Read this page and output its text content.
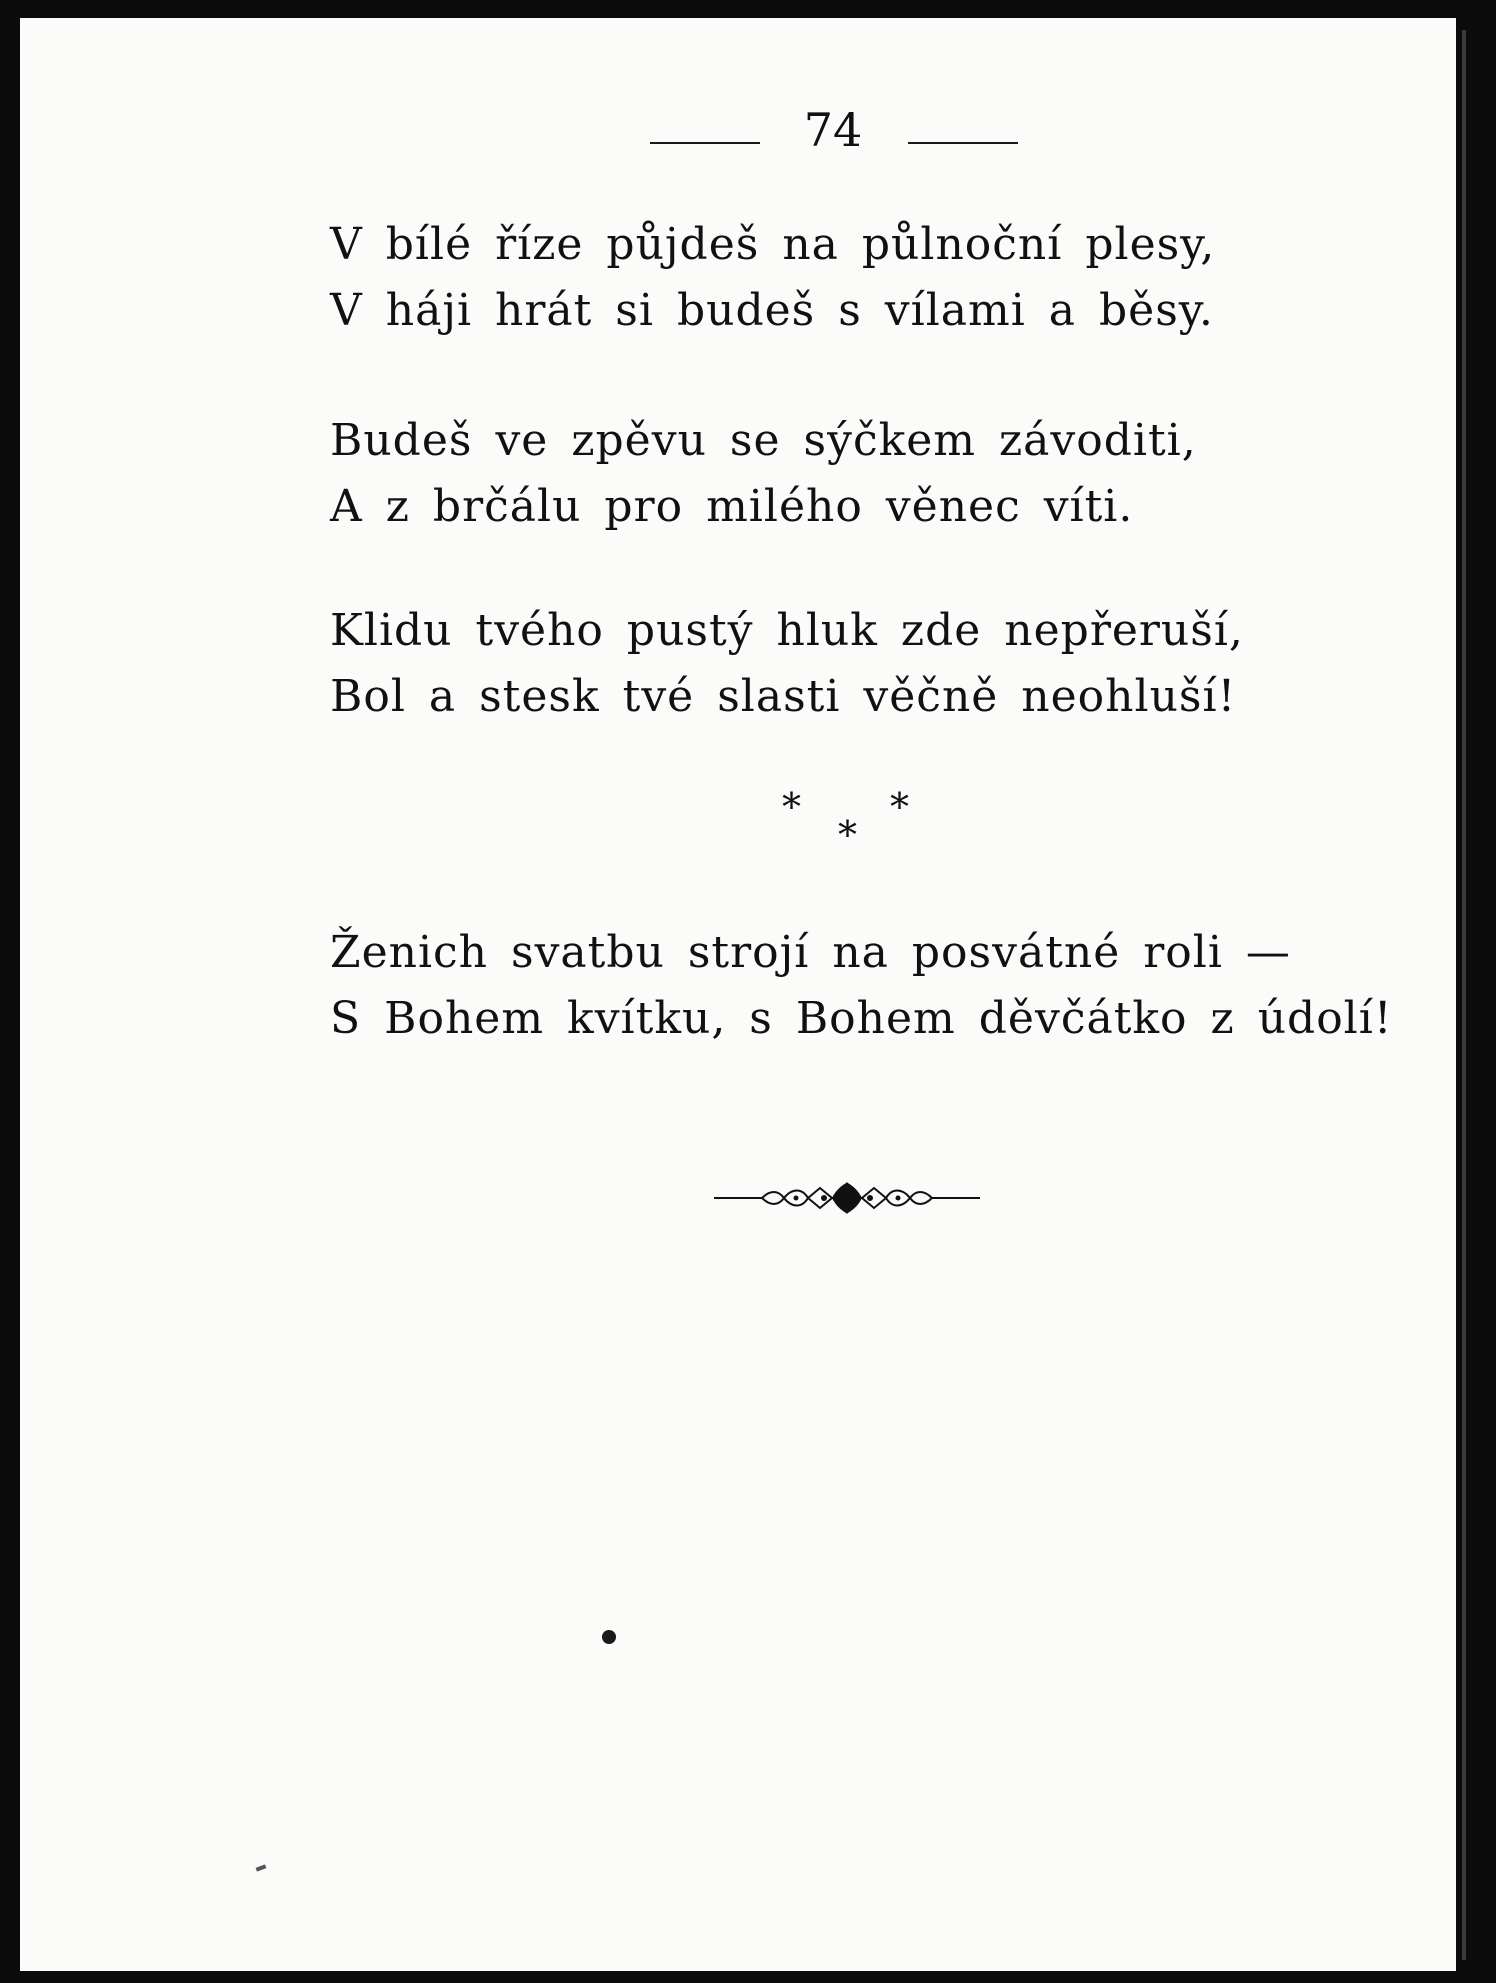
74
V bílé říze půjdeš na půlnoční plesy,
V háji hrát si budeš s vílami a běsy.
Budeš ve zpěvu se sýčkem závoditi,
A z brčálu pro milého věnec víti.
Klidu tvého pustý hluk zde nepřeruší,
Bol a stesk tvé slasti věčně neohluší!
*
*
*
Ženich svatbu strojí na posvátné roli —
S Bohem kvítku, s Bohem děvčátko z údolí!
